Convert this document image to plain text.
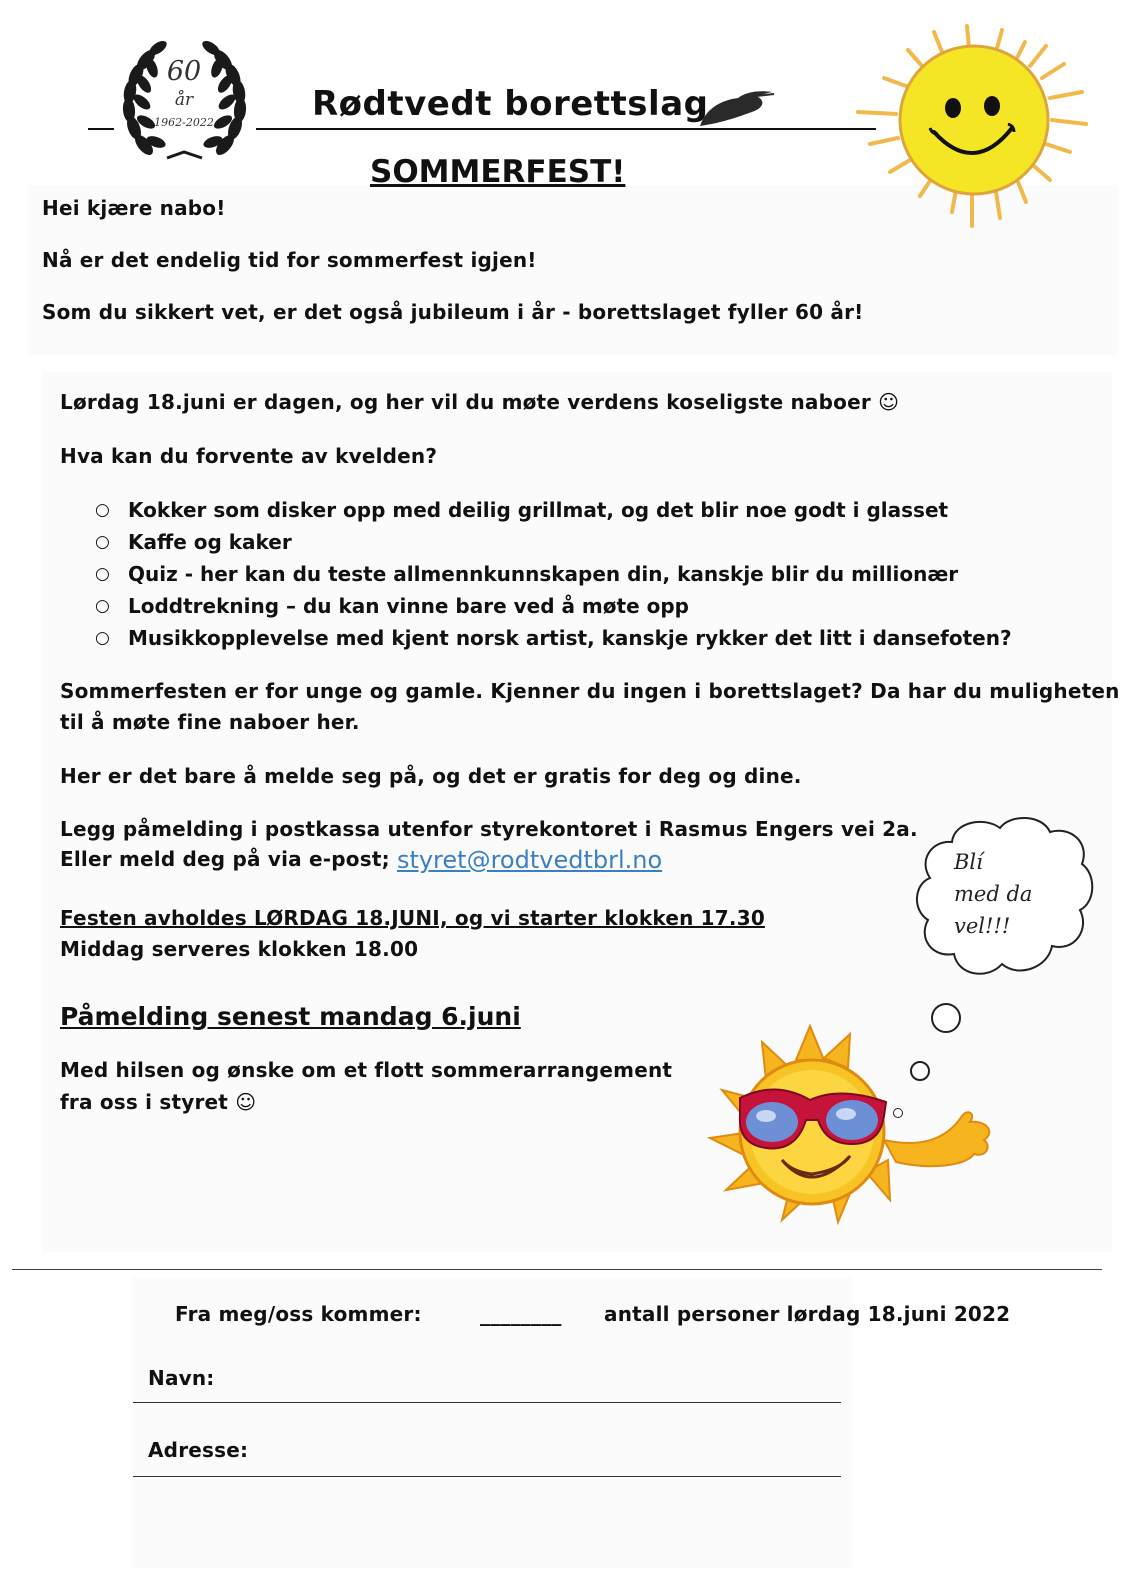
60
år
1962-2022	Rødtvedt borettslag
SOMMERFEST!
Hei kjære nabo!
Nå er det endelig tid for sommerfest igjen!
Som du sikkert vet, er det også jubileum i år - borettslaget fyller 60 år!
Lørdag 18.juni er dagen, og her vil du møte verdens koseligste naboer ☺
Hva kan du forvente av kvelden?
○ Kokker som disker opp med deilig grillmat, og det blir noe godt i glasset
○ Kaffe og kaker
○ Quiz - her kan du teste allmennkunnskapen din, kanskje blir du millionær
○ Loddtrekning – du kan vinne bare ved å møte opp
○ Musikkopplevelse med kjent norsk artist, kanskje rykker det litt i dansefoten?
Sommerfesten er for unge og gamle. Kjenner du ingen i borettslaget? Da har du muligheten
til å møte fine naboer her.
Her er det bare å melde seg på, og det er gratis for deg og dine.
Legg påmelding i postkassa utenfor styrekontoret i Rasmus Engers vei 2a.
Eller meld deg på via e-post; styret@rodtvedtbrl.no
Festen avholdes LØRDAG 18.JUNI, og vi starter klokken 17.30
Middag serveres klokken 18.00
Påmelding senest mandag 6.juni
Med hilsen og ønske om et flott sommerarrangement
fra oss i styret ☺
Blí
med da
vel!!!
Fra meg/oss kommer:	________ antall personer lørdag 18.juni 2022
Navn:
Adresse:
